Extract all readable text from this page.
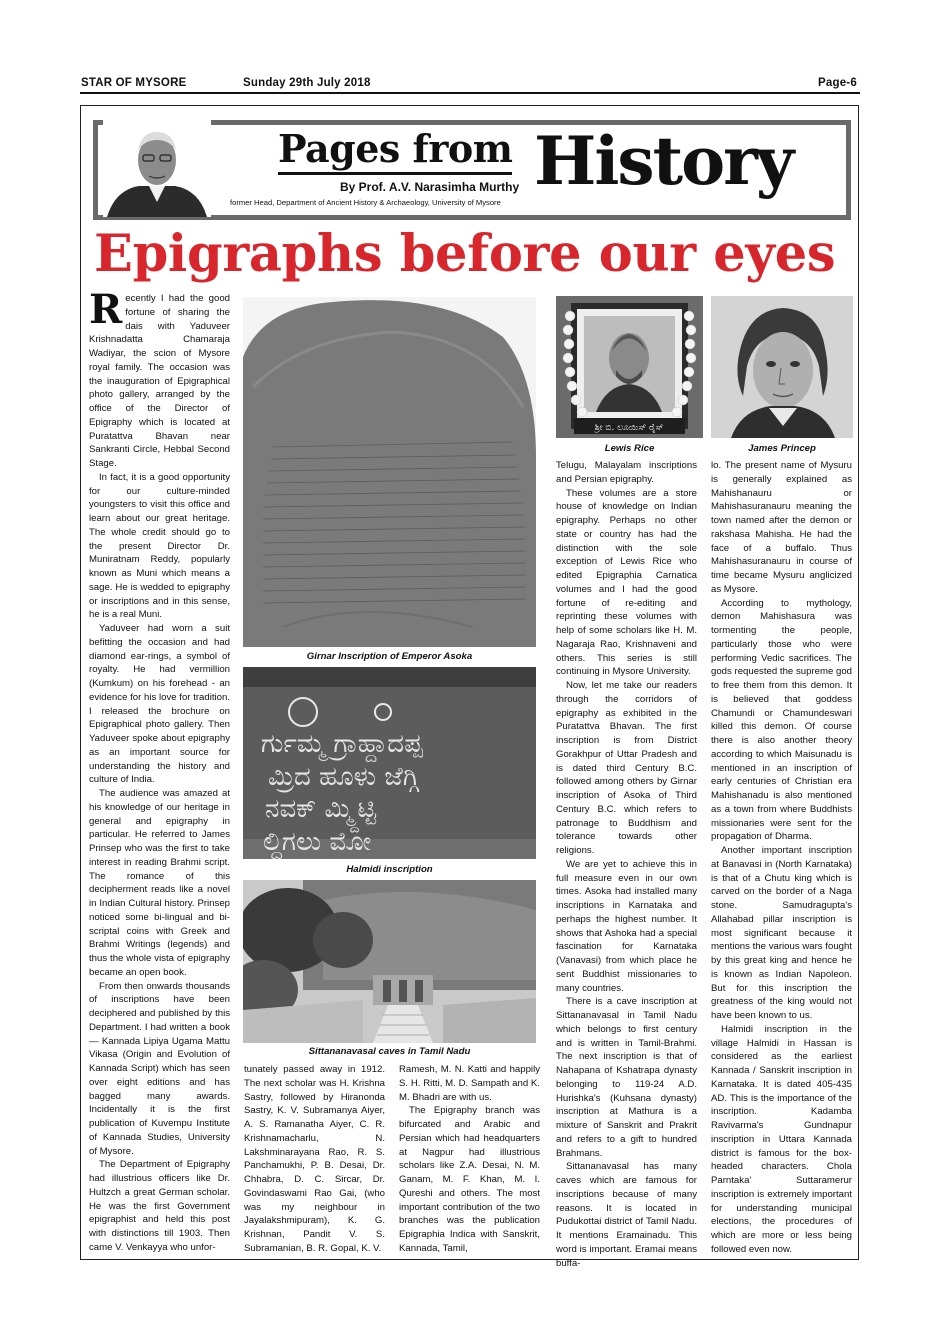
STAR OF MYSORE	Sunday 29th July 2018	Page-6
Pages from History
By Prof. A.V. Narasimha Murthy
former Head, Department of Ancient History & Archaeology, University of Mysore
Epigraphs before our eyes

Recently I had the good fortune of sharing the dais with Yaduveer Krishnadatta Chamaraja Wadiyar, the scion of Mysore royal family. The occasion was the inauguration of Epigraphical photo gallery, arranged by the office of the Director of Epigraphy which is located at Puratattva Bhavan near Sankranti Circle, Hebbal Second Stage.

In fact, it is a good opportunity for our culture-minded youngsters to visit this office and learn about our great heritage. The whole credit should go to the present Director Dr. Muniratnam Reddy, popularly known as Muni which means a sage. He is wedded to epigraphy or inscriptions and in this sense, he is a real Muni.

Yaduveer had worn a suit befitting the occasion and had diamond ear-rings, a symbol of royalty. He had vermillion (Kumkum) on his forehead - an evidence for his love for tradition. I released the brochure on Epigraphical photo gallery. Then Yaduveer spoke about epigraphy as an important source for understanding the history and culture of India.

The audience was amazed at his knowledge of our heritage in general and epigraphy in particular. He referred to James Prinsep who was the first to take interest in reading Brahmi script. The romance of this decipherment reads like a novel in Indian Cultural history. Prinsep noticed some bi-lingual and bi-scriptal coins with Greek and Brahmi Writings (legends) and thus the whole vista of epigraphy became an open book.

From then onwards thousands of inscriptions have been deciphered and published by this Department. I had written a book — Kannada Lipiya Ugama Mattu Vikasa (Origin and Evolution of Kannada Script) which has seen over eight editions and has bagged many awards. Incidentally it is the first publication of Kuvempu Institute of Kannada Studies, University of Mysore.

The Department of Epigraphy had illustrious officers like Dr. Hultzch a great German scholar. He was the first Government epigraphist and held this post with distinctions till 1903. Then came V. Venkayya who unfor-

Girnar Inscription of Emperor Asoka
ರ್ಗುಮ್ಮ ಗ್ರಾಹ್ದಾದಪ್ಪ
ಮ್ರಿದ ಹೂಳು ಜೆಗ್ಗಿ
ನವಕ್ ಮ್ಮ್ದಿಟ್ಟಿ
ಲ್ದಿಗಲು ಮೋ
Halmidi inscription
Sittananavasal caves in Tamil Nadu

tunately passed away in 1912. The next scholar was H. Krishna Sastry, followed by Hiranonda Sastry, K. V. Subramanya Aiyer, A. S. Ramanatha Aiyer, C. R. Krishnamacharlu, N. Lakshminarayana Rao, R. S. Panchamukhi, P. B. Desai, Dr. Chhabra, D. C. Sircar, Dr. Govindaswami Rao Gai, (who was my neighbour in Jayalakshmipuram), K. G. Krishnan, Pandit V. S. Subramanian, B. R. Gopal, K. V.

Ramesh, M. N. Katti and happily S. H. Ritti, M. D. Sampath and K. M. Bhadri are with us.

The Epigraphy branch was bifurcated and Arabic and Persian which had headquarters at Nagpur had illustrious scholars like Z.A. Desai, N. M. Ganam, M. F. Khan, M. I. Qureshi and others. The most important contribution of the two branches was the publication Epigraphia Indica with Sanskrit, Kannada, Tamil,

ಶ್ರೀ ಬಿ. ಲೂಯಿಸ್ ರೈಸ್
Lewis Rice	James Princep

Telugu, Malayalam inscriptions and Persian epigraphy.

These volumes are a store house of knowledge on Indian epigraphy. Perhaps no other state or country has had the distinction with the sole exception of Lewis Rice who edited Epigraphia Carnatica volumes and I had the good fortune of re-editing and reprinting these volumes with help of some scholars like H. M. Nagaraja Rao, Krishnaveni and others. This series is still continuing in Mysore University.

Now, let me take our readers through the corridors of epigraphy as exhibited in the Puratattva Bhavan. The first inscription is from District Gorakhpur of Uttar Pradesh and is dated third Century B.C. followed among others by Girnar inscription of Asoka of Third Century B.C. which refers to patronage to Buddhism and tolerance towards other religions.

We are yet to achieve this in full measure even in our own times. Asoka had installed many inscriptions in Karnataka and perhaps the highest number. It shows that Ashoka had a special fascination for Karnataka (Vanavasi) from which place he sent Buddhist missionaries to many countries.

There is a cave inscription at Sittananavasal in Tamil Nadu which belongs to first century and is written in Tamil-Brahmi. The next inscription is that of Nahapana of Kshatrapa dynasty belonging to 119-24 A.D. Hurishka's (Kuhsana dynasty) inscription at Mathura is a mixture of Sanskrit and Prakrit and refers to a gift to hundred Brahmans.

Sittananavasal has many caves which are famous for inscriptions because of many reasons. It is located in Pudukottai district of Tamil Nadu. It mentions Eramainadu. This word is important. Eramai means buffa-

lo. The present name of Mysuru is generally explained as Mahishanauru or Mahishasuranauru meaning the town named after the demon or rakshasa Mahisha. He had the face of a buffalo. Thus Mahishasuranauru in course of time became Mysuru anglicized as Mysore.

According to mythology, demon Mahishasura was tormenting the people, particularly those who were performing Vedic sacrifices. The gods requested the supreme god to free them from this demon. It is believed that goddess Chamundi or Chamundeswari killed this demon. Of course there is also another theory according to which Maisunadu is mentioned in an inscription of early centuries of Christian era Mahishanadu is also mentioned as a town from where Buddhists missionaries were sent for the propagation of Dharma.

Another important inscription at Banavasi in (North Karnataka) is that of a Chutu king which is carved on the border of a Naga stone. Samudragupta's Allahabad pillar inscription is most significant because it mentions the various wars fought by this great king and hence he is known as Indian Napoleon. But for this inscription the greatness of the king would not have been known to us.

Halmidi inscription in the village Halmidi in Hassan is considered as the earliest Kannada / Sanskrit inscription in Karnataka. It is dated 405-435 AD. This is the importance of the inscription. Kadamba Ravivarma's Gundnapur inscription in Uttara Kannada district is famous for the box-headed characters. Chola Parntaka' Suttaramerur inscription is extremely important for understanding municipal elections, the procedures of which are more or less being followed even now.
